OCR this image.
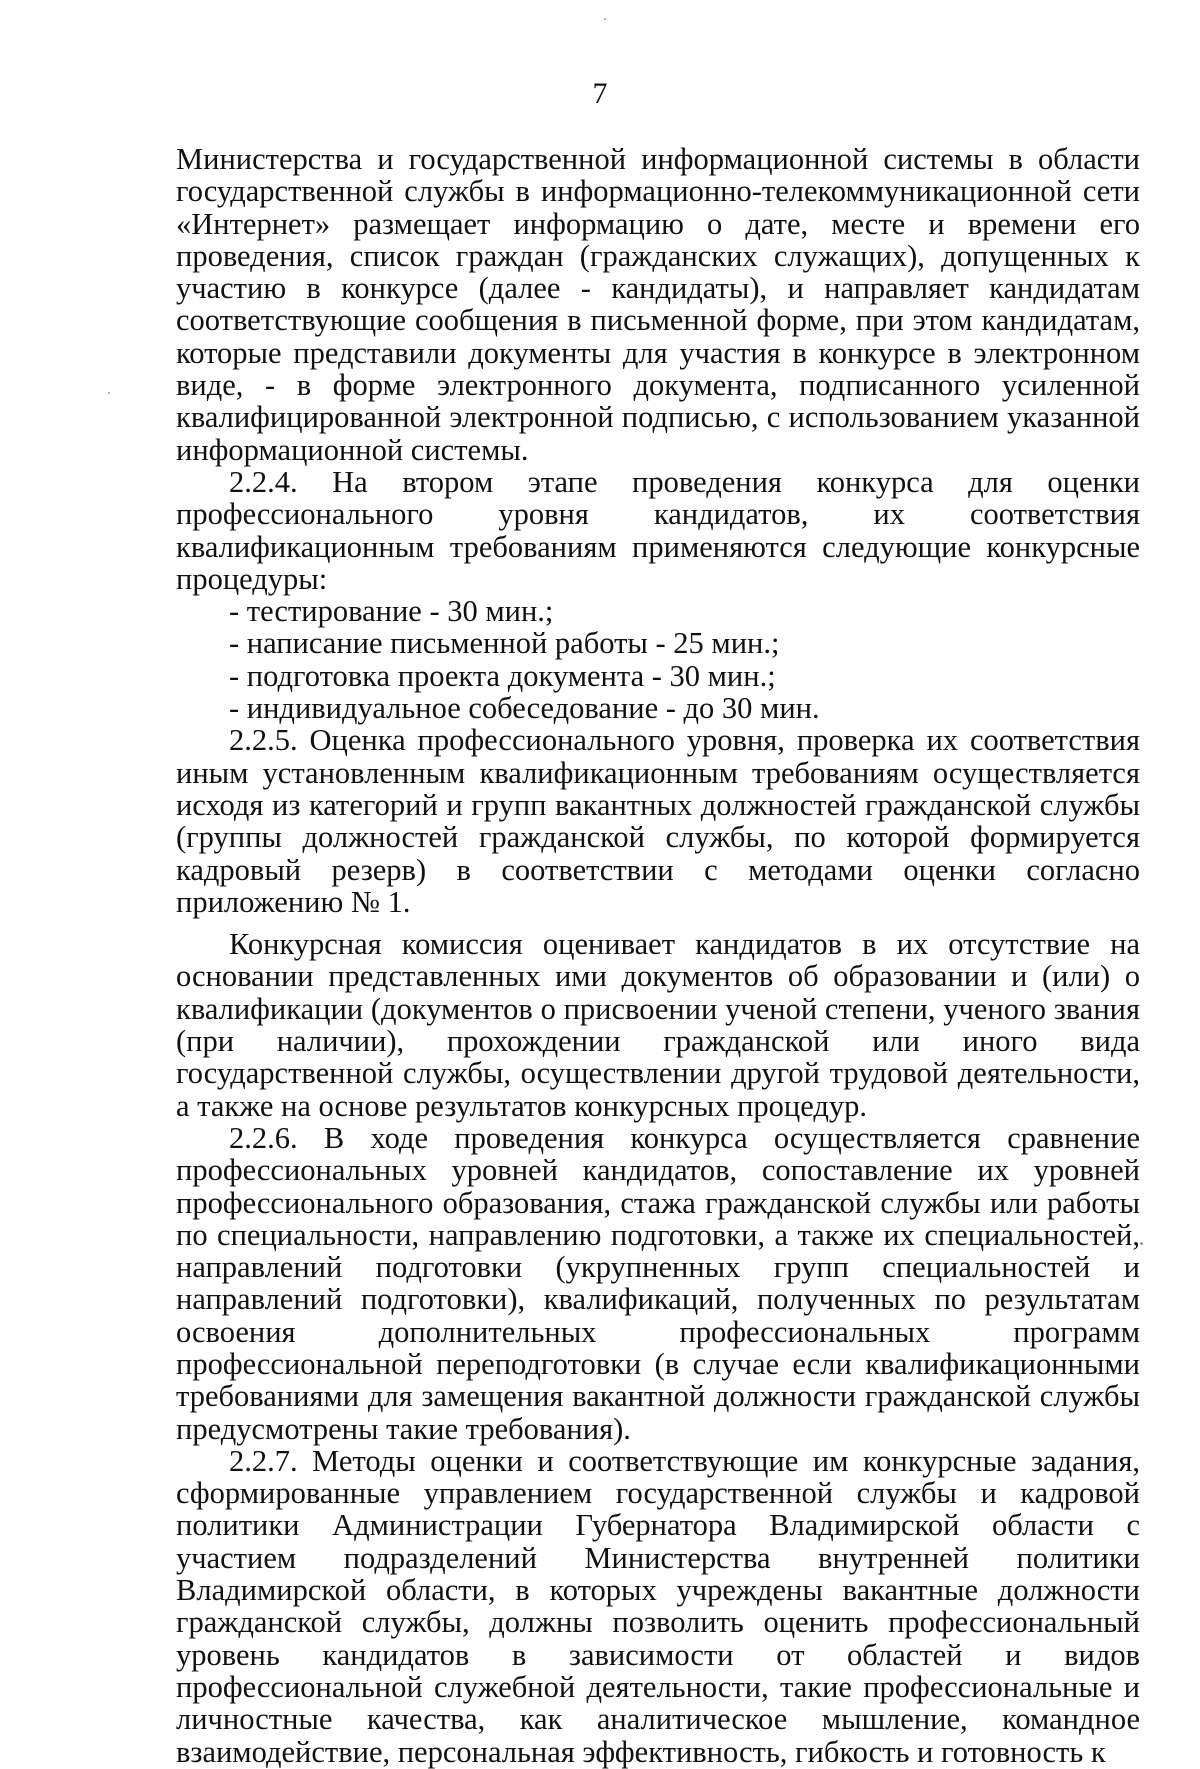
7

Министерства и государственной информационной системы в области государственной службы в информационно-телекоммуникационной сети «Интернет» размещает информацию о дате, месте и времени его проведения, список граждан (гражданских служащих), допущенных к участию в конкурсе (далее - кандидаты), и направляет кандидатам соответствующие сообщения в письменной форме, при этом кандидатам, которые представили документы для участия в конкурсе в электронном виде, - в форме электронного документа, подписанного усиленной квалифицированной электронной подписью, с использованием указанной информационной системы.

2.2.4. На втором этапе проведения конкурса для оценки профессионального уровня кандидатов, их соответствия квалификационным требованиям применяются следующие конкурсные процедуры:

- тестирование - 30 мин.;

- написание письменной работы - 25 мин.;

- подготовка проекта документа - 30 мин.;

- индивидуальное собеседование - до 30 мин.

2.2.5. Оценка профессионального уровня, проверка их соответствия иным установленным квалификационным требованиям осуществляется исходя из категорий и групп вакантных должностей гражданской службы (группы должностей гражданской службы, по которой формируется кадровый резерв) в соответствии с методами оценки согласно приложению № 1.

Конкурсная комиссия оценивает кандидатов в их отсутствие на основании представленных ими документов об образовании и (или) о квалификации (документов о присвоении ученой степени, ученого звания (при наличии), прохождении гражданской или иного вида государственной службы, осуществлении другой трудовой деятельности, а также на основе результатов конкурсных процедур.

2.2.6. В ходе проведения конкурса осуществляется сравнение профессиональных уровней кандидатов, сопоставление их уровней профессионального образования, стажа гражданской службы или работы по специальности, направлению подготовки, а также их специальностей, направлений подготовки (укрупненных групп специальностей и направлений подготовки), квалификаций, полученных по результатам освоения дополнительных профессиональных программ профессиональной переподготовки (в случае если квалификационными требованиями для замещения вакантной должности гражданской службы предусмотрены такие требования).

2.2.7. Методы оценки и соответствующие им конкурсные задания, сформированные управлением государственной службы и кадровой политики Администрации Губернатора Владимирской области с участием подразделений Министерства внутренней политики Владимирской области, в которых учреждены вакантные должности гражданской службы, должны позволить оценить профессиональный уровень кандидатов в зависимости от областей и видов профессиональной служебной деятельности, такие профессиональные и личностные качества, как аналитическое мышление, командное взаимодействие, персональная эффективность, гибкость и готовность к
